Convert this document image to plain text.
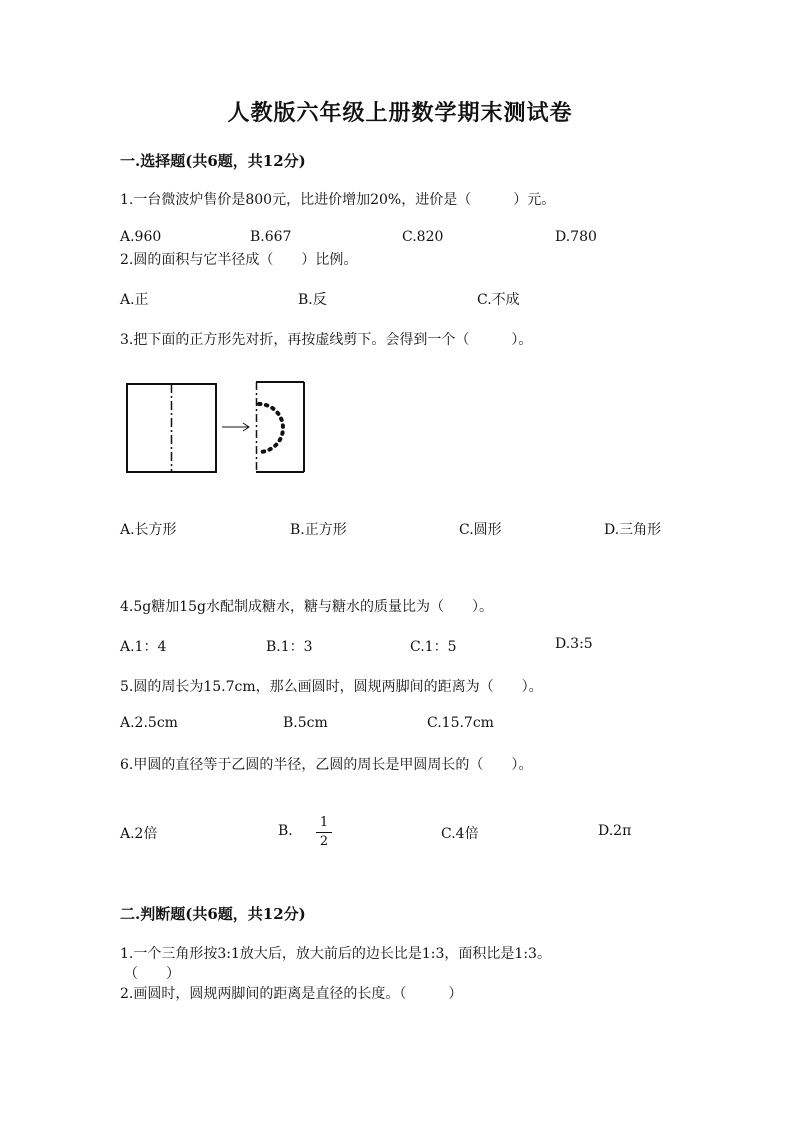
人教版六年级上册数学期末测试卷
一.选择题(共6题，共12分)
1.一台微波炉售价是800元，比进价增加20%，进价是（　　　）元。
A.960	B.667	C.820	D.780
2.圆的面积与它半径成（　　）比例。
A.正	B.反	C.不成
3.把下面的正方形先对折，再按虚线剪下。会得到一个（　　　）。
A.长方形	B.正方形	C.圆形	D.三角形
4.5g糖加15g水配制成糖水，糖与糖水的质量比为（　　）。
A.1：4	B.1：3	C.1：5	D.3:5
5.圆的周长为15.7cm，那么画圆时，圆规两脚间的距离为（　　）。
A.2.5cm	B.5cm	C.15.7cm
6.甲圆的直径等于乙圆的半径，乙圆的周长是甲圆周长的（　　）。
A.2倍	B.
1
2	C.4倍	D.2π
二.判断题(共6题，共12分)
1.一个三角形按3:1放大后，放大前后的边长比是1:3，面积比是1:3。
（　　）
2.画圆时，圆规两脚间的距离是直径的长度。（　　　）
